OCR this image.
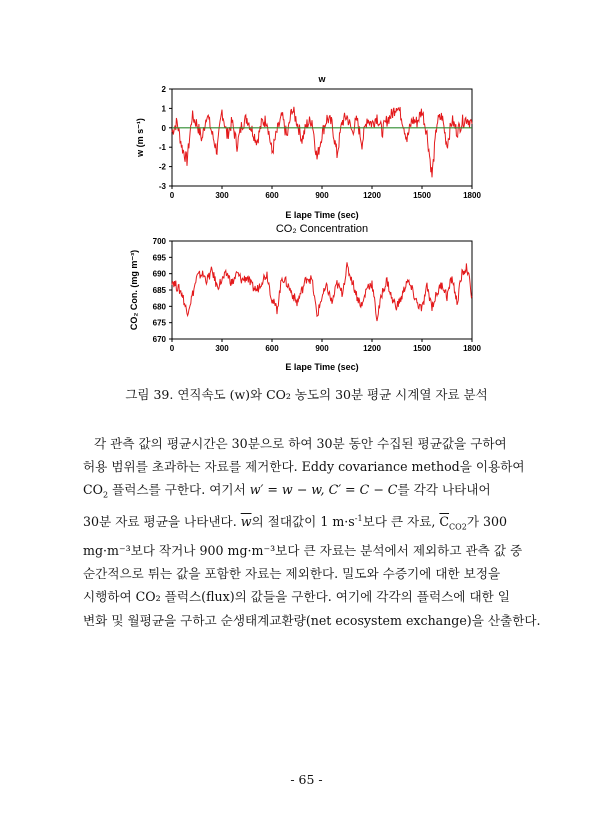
w
E lape Time (sec)
w (m s⁻¹)
0	300	600	900	1200	1500	1800
-3
-2
-1
0
1
2
CO₂ Concentration
E lape Time (sec)
CO₂ Con. (mg m⁻³)
0	300	600	900	1200	1500	1800
670
675
680
685
690
695
700
그림 39. 연직속도 (w)와 CO₂ 농도의 30분 평균 시계열 자료 분석
각 관측 값의 평균시간은 30분으로 하여 30분 동안 수집된 평균값을 구하여
허용 범위를 초과하는 자료를 제거한다. Eddy covariance method을 이용하여
$CO_2$ 플럭스를 구한다. 여기서 w′ = w − w, C′ = C − C를 각각 나타내어
30분 자료 평균을 나타낸다. $\overline{w}$의 절대값이 1 $m\cdot s^{-1}$보다 큰 자료, $\overline{C}_{CO2}$가 300
mg·m⁻³보다 작거나 900 mg·m⁻³보다 큰 자료는 분석에서 제외하고 관측 값 중
순간적으로 튀는 값을 포함한 자료는 제외한다. 밀도와 수증기에 대한 보정을
시행하여 CO₂ 플럭스(flux)의 값들을 구한다. 여기에 각각의 플럭스에 대한 일
변화 및 월평균을 구하고 순생태계교환량(net ecosystem exchange)을 산출한다.
- 65 -
